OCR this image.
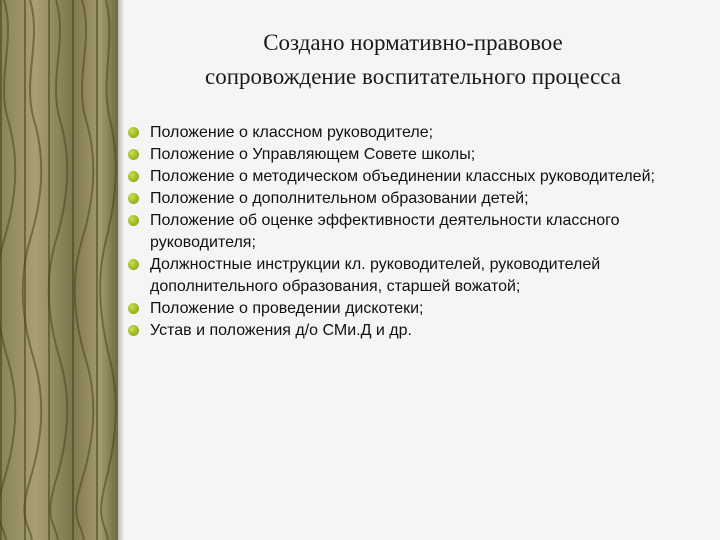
Создано нормативно-правовое
сопровождение воспитательного процесса
Положение о классном руководителе;
Положение о Управляющем Совете школы;
Положение о методическом объединении классных руководителей;
Положение о дополнительном образовании детей;
Положение об оценке эффективности деятельности классного руководителя;
Должностные инструкции кл. руководителей, руководителей дополнительного образования, старшей вожатой;
Положение о проведении дискотеки;
Устав и положения д/о СМи.Д и др.
